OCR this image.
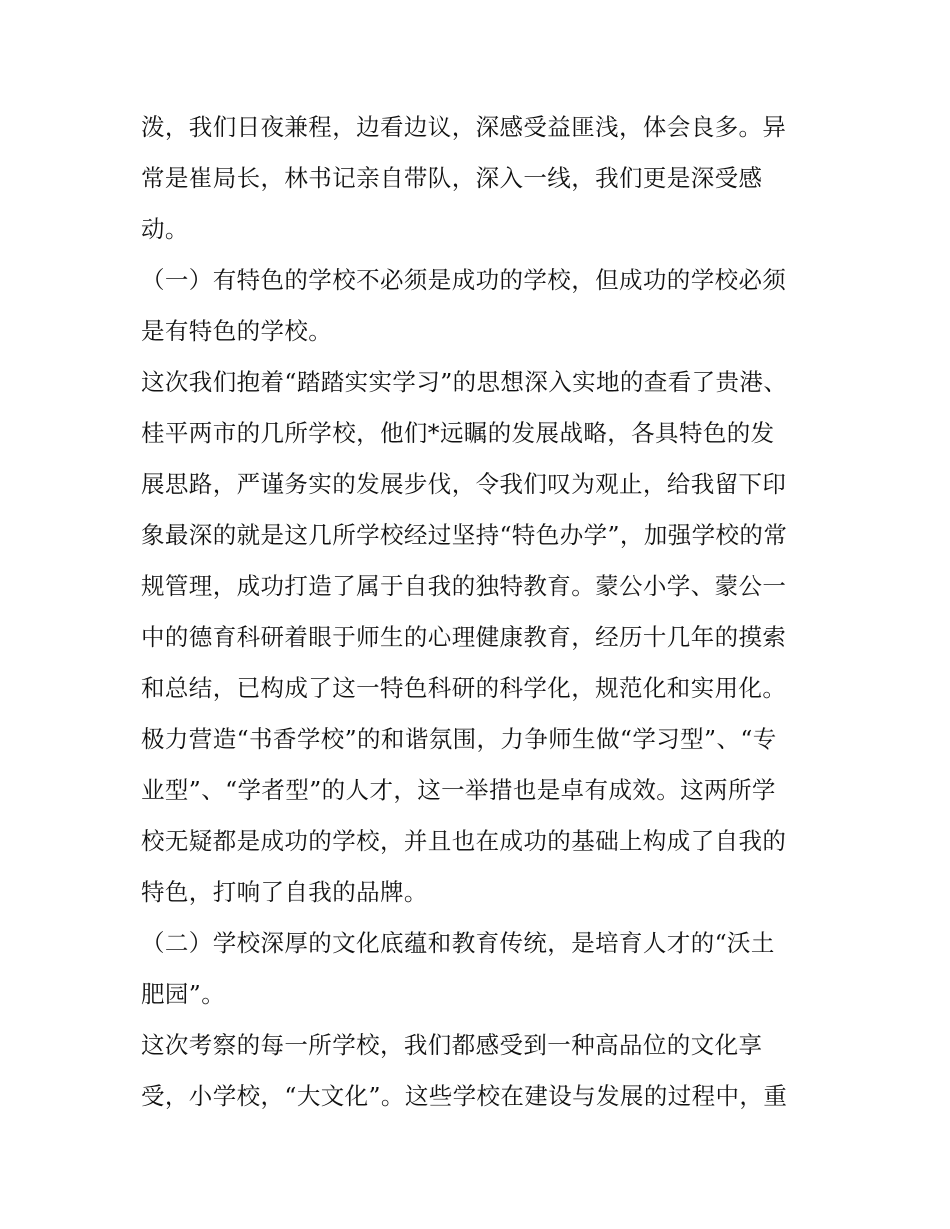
泼，我们日夜兼程，边看边议，深感受益匪浅，体会良多。异
常是崔局长，林书记亲自带队，深入一线，我们更是深受感
动。
（一）有特色的学校不必须是成功的学校，但成功的学校必须
是有特色的学校。
这次我们抱着“踏踏实实学习”的思想深入实地的查看了贵港、
桂平两市的几所学校，他们*远瞩的发展战略，各具特色的发
展思路，严谨务实的发展步伐，令我们叹为观止，给我留下印
象最深的就是这几所学校经过坚持“特色办学”，加强学校的常
规管理，成功打造了属于自我的独特教育。蒙公小学、蒙公一
中的德育科研着眼于师生的心理健康教育，经历十几年的摸索
和总结，已构成了这一特色科研的科学化，规范化和实用化。
极力营造“书香学校”的和谐氛围，力争师生做“学习型”、“专
业型”、“学者型”的人才，这一举措也是卓有成效。这两所学
校无疑都是成功的学校，并且也在成功的基础上构成了自我的
特色，打响了自我的品牌。
（二）学校深厚的文化底蕴和教育传统，是培育人才的“沃土
肥园”。
这次考察的每一所学校，我们都感受到一种高品位的文化享
受，小学校，“大文化”。这些学校在建设与发展的过程中，重
